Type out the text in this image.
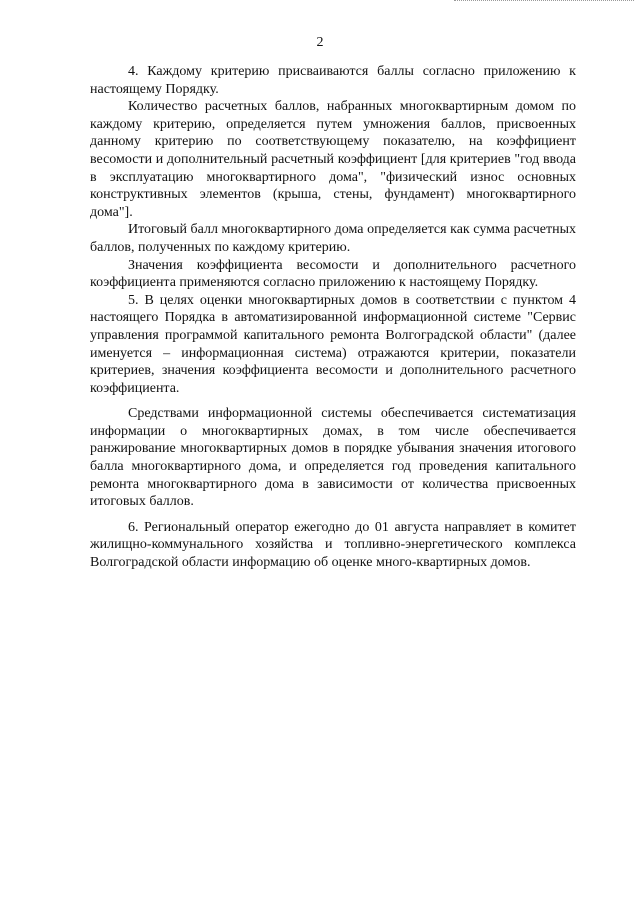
2

4. Каждому критерию присваиваются баллы согласно приложению к настоящему Порядку.

Количество расчетных баллов, набранных многоквартирным домом по каждому критерию, определяется путем умножения баллов, присвоенных данному критерию по соответствующему показателю, на коэффициент весомости и дополнительный расчетный коэффициент [для критериев "год ввода в эксплуатацию многоквартирного дома", "физический износ основных конструктивных элементов (крыша, стены, фундамент) многоквартирного дома"].

Итоговый балл многоквартирного дома определяется как сумма расчетных баллов, полученных по каждому критерию.

Значения коэффициента весомости и дополнительного расчетного коэффициента применяются согласно приложению к настоящему Порядку.

5. В целях оценки многоквартирных домов в соответствии с пунктом 4 настоящего Порядка в автоматизированной информационной системе "Сервис управления программой капитального ремонта Волгоградской области" (далее именуется – информационная система) отражаются критерии, показатели критериев, значения коэффициента весомости и дополнительного расчетного коэффициента.

Средствами информационной системы обеспечивается систематизация информации о многоквартирных домах, в том числе обеспечивается ранжирование многоквартирных домов в порядке убывания значения итогового балла многоквартирного дома, и определяется год проведения капитального ремонта многоквартирного дома в зависимости от количества присвоенных итоговых баллов.

6. Региональный оператор ежегодно до 01 августа направляет в комитет жилищно-коммунального хозяйства и топливно-энергетического комплекса Волгоградской области информацию об оценке много-квартирных домов.
